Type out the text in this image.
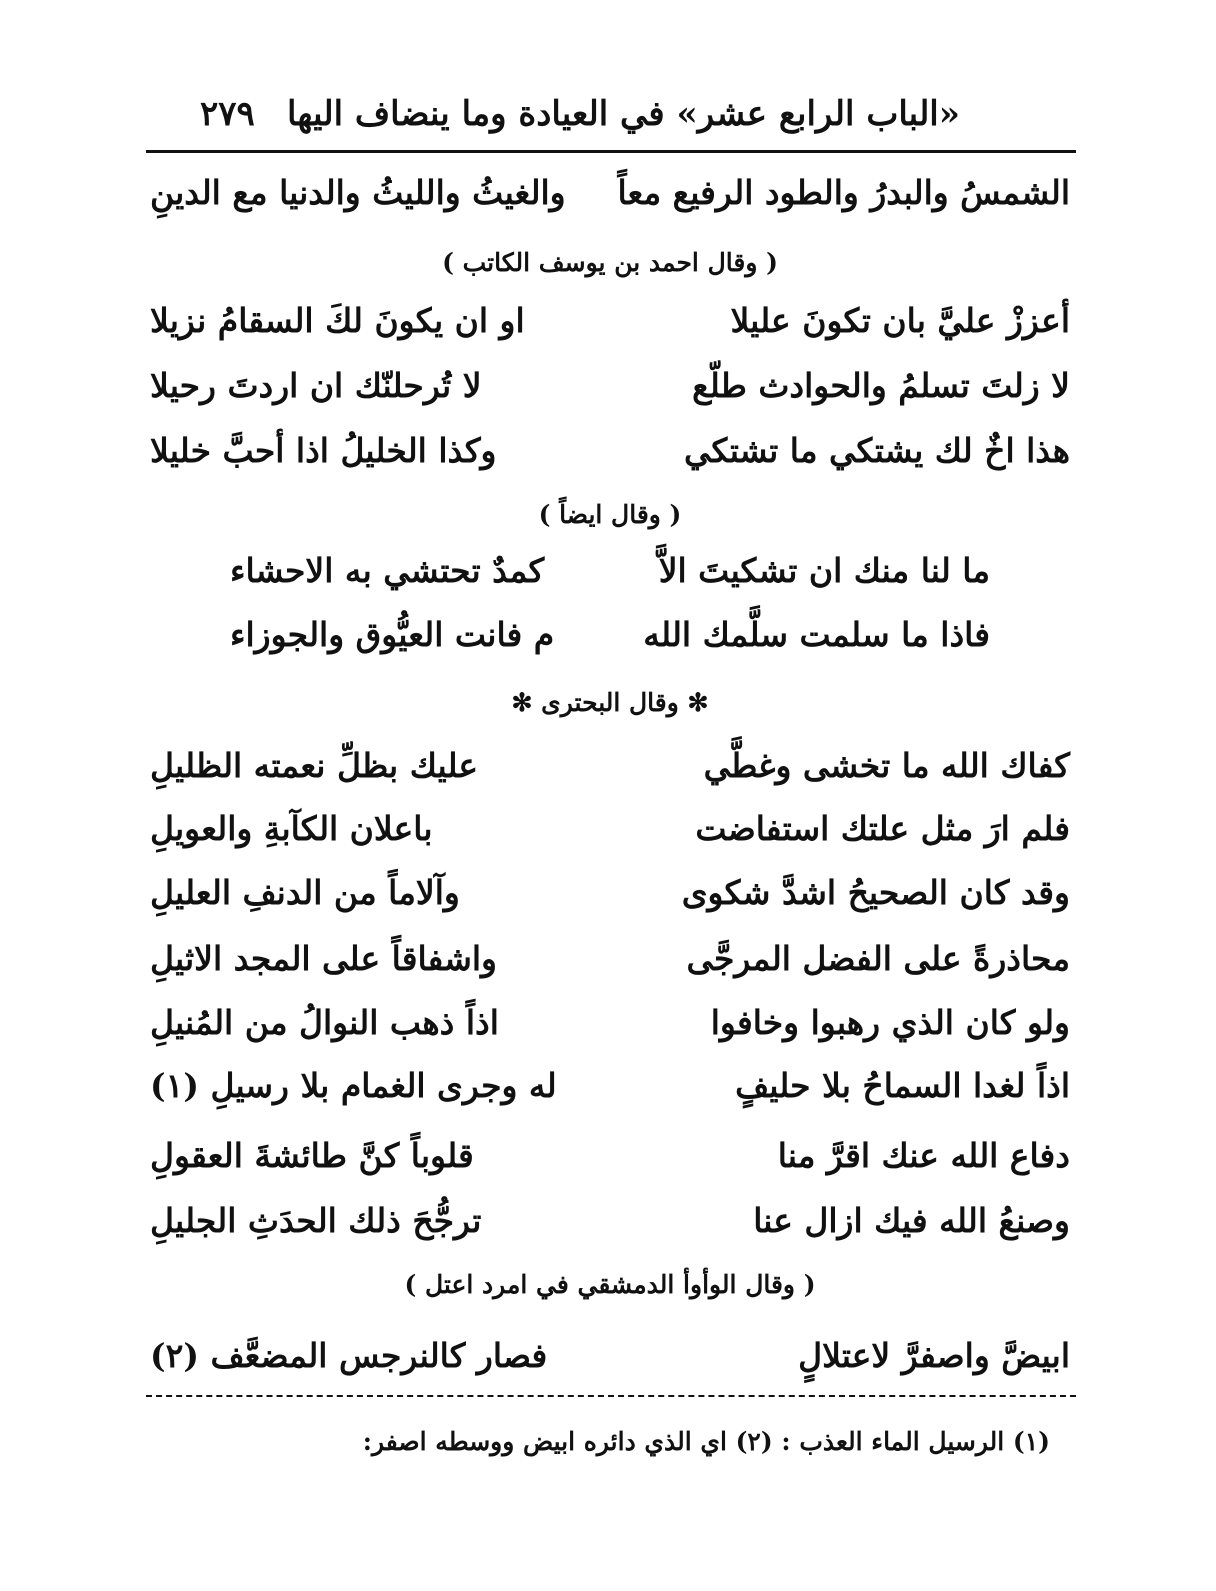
«الباب الرابع عشر» في العيادة وما ينضاف اليها
٢٧٩
الشمسُ والبدرُ والطود الرفيع معاً
والغيثُ والليثُ والدنيا مع الدينِ
( وقال احمد بن يوسف الكاتب )
أعززْ عليَّ بان تكونَ عليلا
او ان يكونَ لكَ السقامُ نزيلا
لا زلتَ تسلمُ والحوادث طلّع
لا تُرحلنّك ان اردتَ رحيلا
هذا اخٌ لك يشتكي ما تشتكي
وكذا الخليلُ اذا أحبَّ خليلا
( وقال ايضاً )
ما لنا منك ان تشكيتَ الاَّ
كمدٌ تحتشي به الاحشاء
فاذا ما سلمت سلَّمك الله
م فانت العيُّوق والجوزاء
✻ وقال البحترى ✻
كفاك الله ما تخشى وغطَّي
عليك بظلِّ نعمته الظليلِ
فلم ارَ مثل علتك استفاضت
باعلان الكآبةِ والعويلِ
وقد كان الصحيحُ اشدَّ شكوى
وآلاماً من الدنفِ العليلِ
محاذرةً على الفضل المرجَّى
واشفاقاً على المجد الاثيلِ
ولو كان الذي رهبوا وخافوا
اذاً ذهب النوالُ من المُنيلِ
اذاً لغدا السماحُ بلا حليفٍ
له وجرى الغمام بلا رسيلِ (١)
دفاع الله عنك اقرَّ منا
قلوباً كنَّ طائشةَ العقولِ
وصنعُ الله فيك ازال عنا
ترجُّحَ ذلك الحدَثِ الجليلِ
( وقال الوأوأ الدمشقي في امرد اعتل )
ابيضَّ واصفرَّ لاعتلالٍ
فصار كالنرجس المضعَّف (٢)
(١) الرسيل الماء العذب : (٢) اي الذي دائره ابيض ووسطه اصفر:
